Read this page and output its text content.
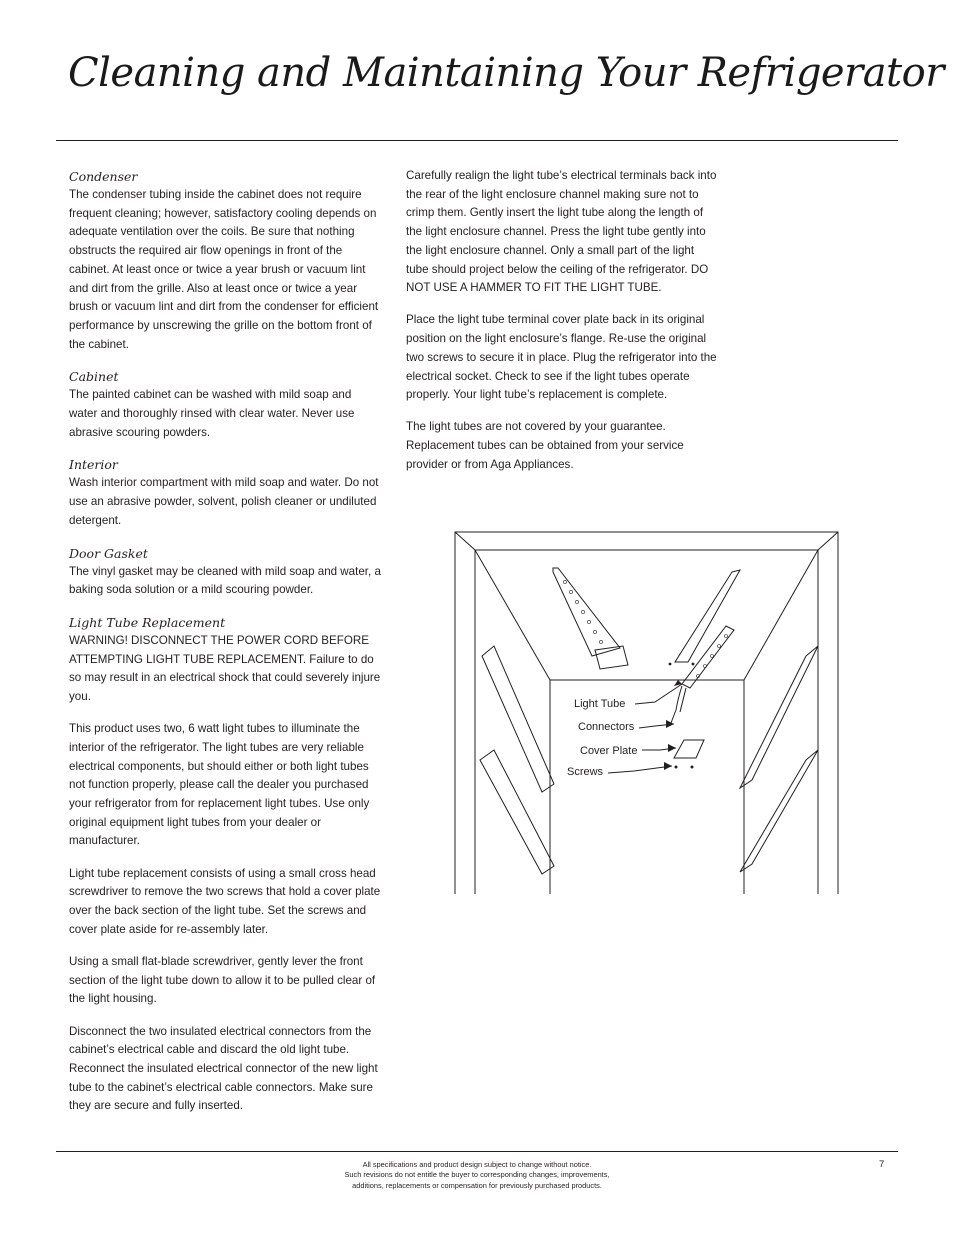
Cleaning and Maintaining Your Refrigerator
Condenser

The condenser tubing inside the cabinet does not require frequent cleaning; however, satisfactory cooling depends on adequate ventilation over the coils. Be sure that nothing obstructs the required air flow openings in front of the cabinet. At least once or twice a year brush or vacuum lint and dirt from the grille. Also at least once or twice a year brush or vacuum lint and dirt from the condenser for efficient performance by unscrewing the grille on the bottom front of the cabinet.

Cabinet

The painted cabinet can be washed with mild soap and water and thoroughly rinsed with clear water. Never use abrasive scouring powders.

Interior

Wash interior compartment with mild soap and water. Do not use an abrasive powder, solvent, polish cleaner or undiluted detergent.

Door Gasket

The vinyl gasket may be cleaned with mild soap and water, a baking soda solution or a mild scouring powder.

Light Tube Replacement

WARNING! DISCONNECT THE POWER CORD BEFORE ATTEMPTING LIGHT TUBE REPLACEMENT. Failure to do so may result in an electrical shock that could severely injure you.

This product uses two, 6 watt light tubes to illuminate the interior of the refrigerator. The light tubes are very reliable electrical components, but should either or both light tubes not function properly, please call the dealer you purchased your refrigerator from for replacement light tubes. Use only original equipment light tubes from your dealer or manufacturer.

Light tube replacement consists of using a small cross head screwdriver to remove the two screws that hold a cover plate over the back section of the light tube. Set the screws and cover plate aside for re-assembly later.

Using a small flat-blade screwdriver, gently lever the front section of the light tube down to allow it to be pulled clear of the light housing.

Disconnect the two insulated electrical connectors from the cabinet’s electrical cable and discard the old light tube. Reconnect the insulated electrical connector of the new light tube to the cabinet’s electrical cable connectors. Make sure they are secure and fully inserted.

Carefully realign the light tube’s electrical terminals back into the rear of the light enclosure channel making sure not to crimp them. Gently insert the light tube along the length of the light enclosure channel. Press the light tube gently into the light enclosure channel. Only a small part of the light tube should project below the ceiling of the refrigerator. DO NOT USE A HAMMER TO FIT THE LIGHT TUBE.

Place the light tube terminal cover plate back in its original position on the light enclosure’s flange. Re-use the original two screws to secure it in place. Plug the refrigerator into the electrical socket. Check to see if the light tubes operate properly. Your light tube’s replacement is complete.

The light tubes are not covered by your guarantee. Replacement tubes can be obtained from your service provider or from Aga Appliances.

Light Tube
Connectors
Cover Plate
Screws
All specifications and product design subject to change without notice.
Such revisions do not entitle the buyer to corresponding changes, improvements,
additions, replacements or compensation for previously purchased products.
7
